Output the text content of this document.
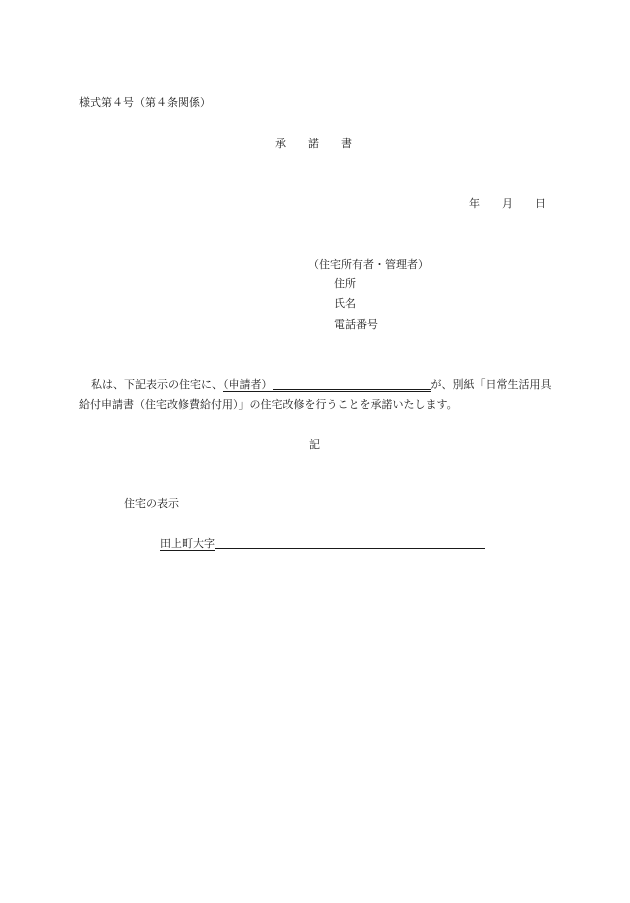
様式第４号（第４条関係）
承 諾 書
年 月 日
（住宅所有者・管理者）
住所
氏名
電話番号
私は、下記表示の住宅に、（申請者）	が、別紙「日常生活用具給付申請書（住宅改修費給付用）」の住宅改修を行うことを承諾いたします。
記
住宅の表示
田上町大字
